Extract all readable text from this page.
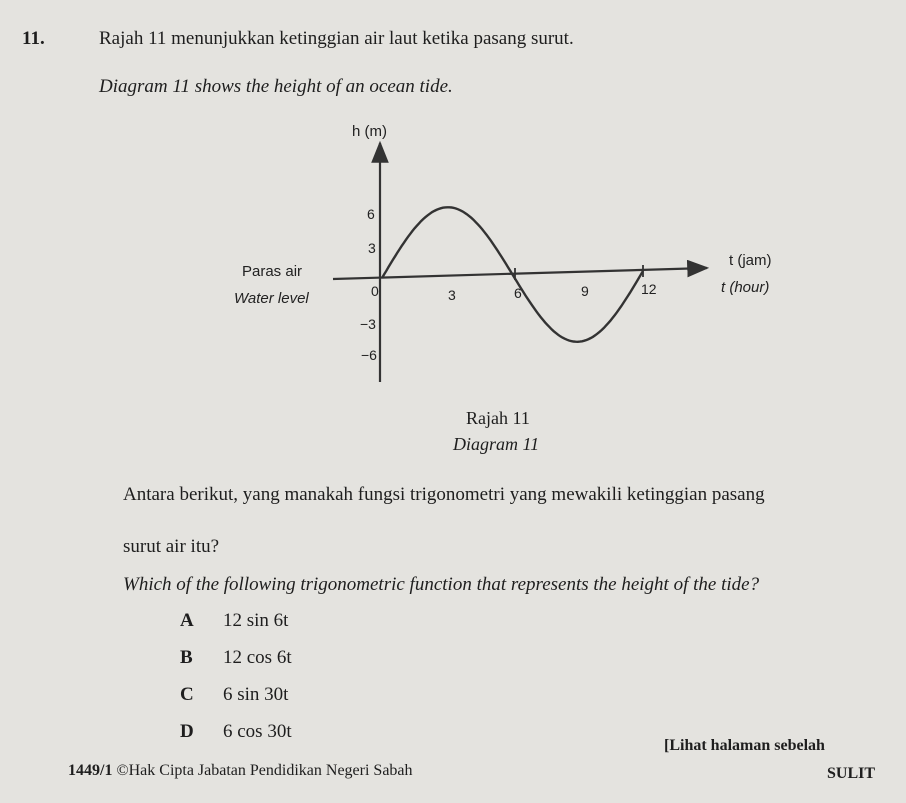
11.	Rajah 11 menunjukkan ketinggian air laut ketika pasang surut.
Diagram 11 shows the height of an ocean tide.
h (m)
t (jam)
t (hour)
Paras air
Water level
6
3
0
−3
−6
3	6	9	12
Rajah 11
Diagram 11
Antara berikut, yang manakah fungsi trigonometri yang mewakili ketinggian pasang
surut air itu?
Which of the following trigonometric function that represents the height of the tide?
A 12 sin 6t
B 12 cos 6t
C 6 sin 30t
D 6 cos 30t
1449/1 ©Hak Cipta Jabatan Pendidikan Negeri Sabah
[Lihat halaman sebelah
SULIT
